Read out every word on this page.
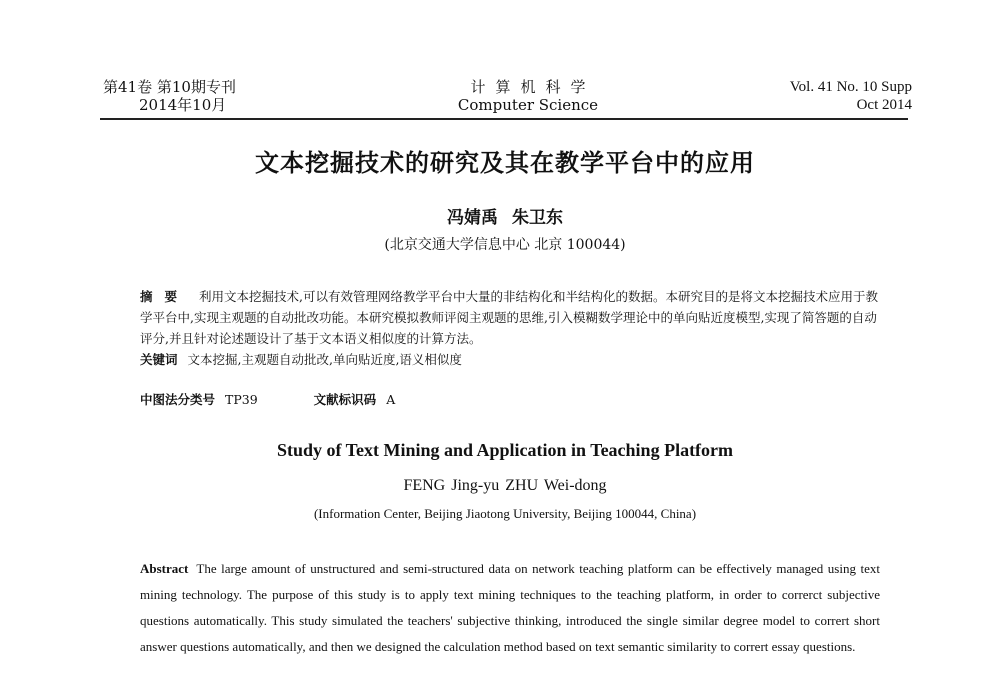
第41卷 第10期专刊
2014年10月
计算机科学
Computer Science
Vol. 41 No. 10 Supp
Oct 2014
文本挖掘技术的研究及其在教学平台中的应用
冯婧禹 朱卫东
(北京交通大学信息中心 北京 100044)
摘要 利用文本挖掘技术,可以有效管理网络教学平台中大量的非结构化和半结构化的数据。本研究目的是将文本挖掘技术应用于教学平台中,实现主观题的自动批改功能。本研究模拟教师评阅主观题的思维,引入模糊数学理论中的单向贴近度模型,实现了简答题的自动评分,并且针对论述题设计了基于文本语义相似度的计算方法。
关键词 文本挖掘,主观题自动批改,单向贴近度,语义相似度
中图法分类号 TP39	文献标识码 A
Study of Text Mining and Application in Teaching Platform
FENG Jing-yu ZHU Wei-dong
(Information Center, Beijing Jiaotong University, Beijing 100044, China)
Abstract The large amount of unstructured and semi-structured data on network teaching platform can be effectively managed using text mining technology. The purpose of this study is to apply text mining techniques to the teaching platform, in order to correrct subjective questions automatically. This study simulated the teachers' subjective thinking, introduced the single similar degree model to corrert short answer questions automatically, and then we designed the calculation method based on text semantic similarity to corrert essay questions.
